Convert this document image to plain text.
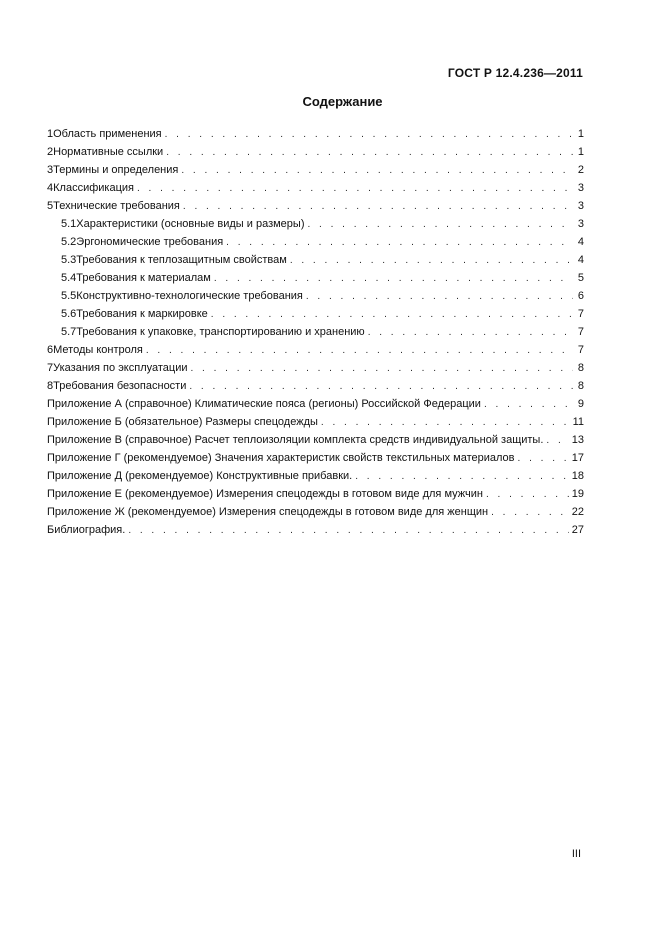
ГОСТ Р 12.4.236—2011
Содержание
1 Область применения . . .	1
2 Нормативные ссылки . . .	1
3 Термины и определения . . .	2
4 Классификация . . .	3
5 Технические требования . . .	3
5.1 Характеристики (основные виды и размеры) . . .	3
5.2 Эргономические требования . . .	4
5.3 Требования к теплозащитным свойствам . . .	4
5.4 Требования к материалам . . .	5
5.5 Конструктивно-технологические требования . . .	6
5.6 Требования к маркировке . . .	7
5.7 Требования к упаковке, транспортированию и хранению . . .	7
6 Методы контроля . . .	7
7 Указания по эксплуатации . . .	8
8 Требования безопасности . . .	8
Приложение А (справочное) Климатические пояса (регионы) Российской Федерации . . .	9
Приложение Б (обязательное) Размеры спецодежды . . .	11
Приложение В (справочное) Расчет теплоизоляции комплекта средств индивидуальной защиты. . . .	13
Приложение Г (рекомендуемое) Значения характеристик свойств текстильных материалов . . .	17
Приложение Д (рекомендуемое) Конструктивные прибавки. . . .	18
Приложение Е (рекомендуемое) Измерения спецодежды в готовом виде для мужчин . . .	19
Приложение Ж (рекомендуемое) Измерения спецодежды в готовом виде для женщин . . .	22
Библиография. . . .	27
III
